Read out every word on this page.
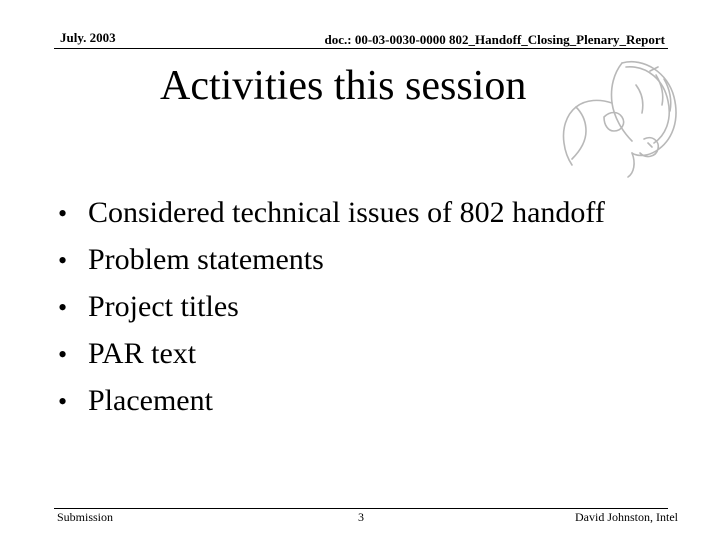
July. 2003	doc.: 00-03-0030-0000 802_Handoff_Closing_Plenary_Report
Activities this session
• Considered technical issues of 802 handoff
• Problem statements
• Project titles
• PAR text
• Placement
Submission	3	David Johnston, Intel
